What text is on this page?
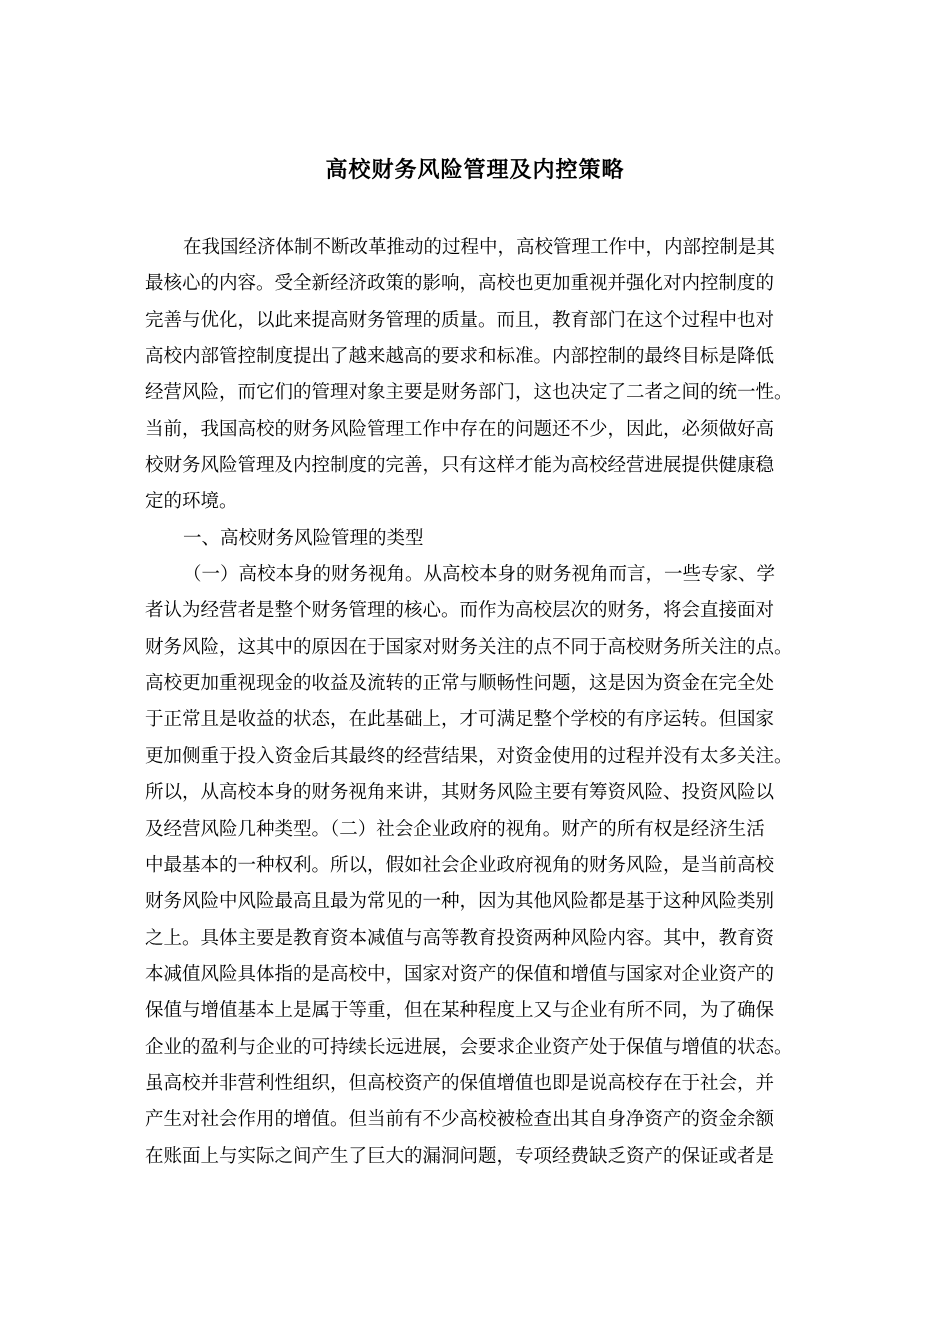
高校财务风险管理及内控策略
在我国经济体制不断改革推动的过程中，高校管理工作中，内部控制是其
最核心的内容。受全新经济政策的影响，高校也更加重视并强化对内控制度的
完善与优化，以此来提高财务管理的质量。而且，教育部门在这个过程中也对
高校内部管控制度提出了越来越高的要求和标准。内部控制的最终目标是降低
经营风险，而它们的管理对象主要是财务部门，这也决定了二者之间的统一性。
当前，我国高校的财务风险管理工作中存在的问题还不少，因此，必须做好高
校财务风险管理及内控制度的完善，只有这样才能为高校经营进展提供健康稳
定的环境。
一、高校财务风险管理的类型
（一）高校本身的财务视角。从高校本身的财务视角而言，一些专家、学
者认为经营者是整个财务管理的核心。而作为高校层次的财务，将会直接面对
财务风险，这其中的原因在于国家对财务关注的点不同于高校财务所关注的点。
高校更加重视现金的收益及流转的正常与顺畅性问题，这是因为资金在完全处
于正常且是收益的状态，在此基础上，才可满足整个学校的有序运转。但国家
更加侧重于投入资金后其最终的经营结果，对资金使用的过程并没有太多关注。
所以，从高校本身的财务视角来讲，其财务风险主要有筹资风险、投资风险以
及经营风险几种类型。（二）社会企业政府的视角。财产的所有权是经济生活
中最基本的一种权利。所以，假如社会企业政府视角的财务风险，是当前高校
财务风险中风险最高且最为常见的一种，因为其他风险都是基于这种风险类别
之上。具体主要是教育资本减值与高等教育投资两种风险内容。其中，教育资
本减值风险具体指的是高校中，国家对资产的保值和增值与国家对企业资产的
保值与增值基本上是属于等重，但在某种程度上又与企业有所不同，为了确保
企业的盈利与企业的可持续长远进展，会要求企业资产处于保值与增值的状态。
虽高校并非营利性组织，但高校资产的保值增值也即是说高校存在于社会，并
产生对社会作用的增值。但当前有不少高校被检查出其自身净资产的资金余额
在账面上与实际之间产生了巨大的漏洞问题，专项经费缺乏资产的保证或者是
